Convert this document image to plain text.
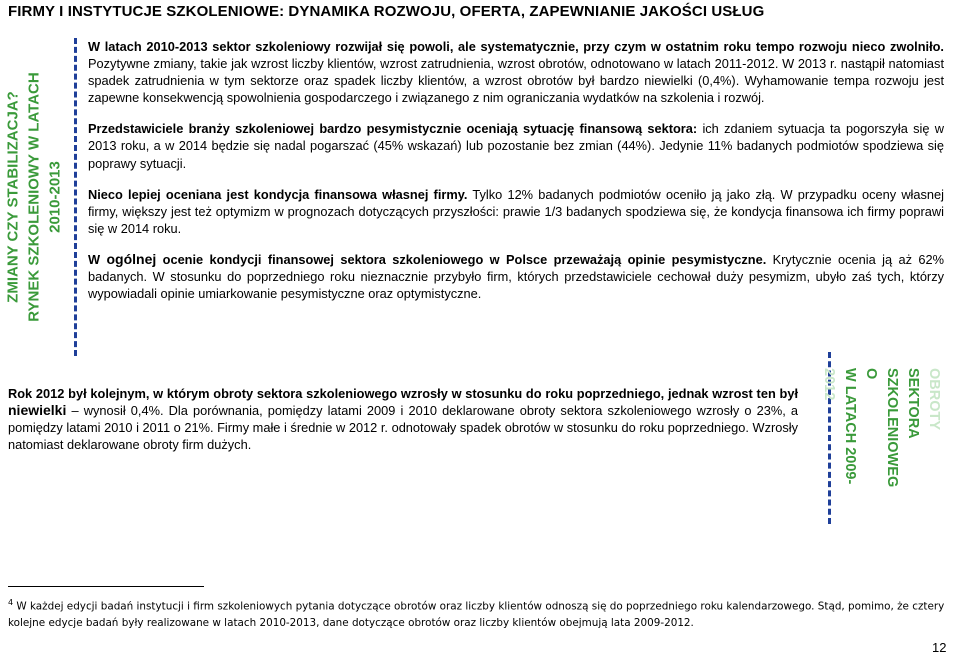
FIRMY I INSTYTUCJE SZKOLENIOWE: DYNAMIKA ROZWOJU, OFERTA, ZAPEWNIANIE JAKOŚCI USŁUG
ZMIANY CZY STABILIZACJA? RYNEK SZKOLENIOWY W LATACH 2010-2013

W latach 2010-2013 sektor szkoleniowy rozwijał się powoli, ale systematycznie, przy czym w ostatnim roku tempo rozwoju nieco zwolniło. Pozytywne zmiany, takie jak wzrost liczby klientów, wzrost zatrudnienia, wzrost obrotów, odnotowano w latach 2011-2012. W 2013 r. nastąpił natomiast spadek zatrudnienia w tym sektorze oraz spadek liczby klientów, a wzrost obrotów był bardzo niewielki (0,4%). Wyhamowanie tempa rozwoju jest zapewne konsekwencją spowolnienia gospodarczego i związanego z nim ograniczania wydatków na szkolenia i rozwój.

Przedstawiciele branży szkoleniowej bardzo pesymistycznie oceniają sytuację finansową sektora: ich zdaniem sytuacja ta pogorszyła się w 2013 roku, a w 2014 będzie się nadal pogarszać (45% wskazań) lub pozostanie bez zmian (44%). Jedynie 11% badanych podmiotów spodziewa się poprawy sytuacji.

Nieco lepiej oceniana jest kondycja finansowa własnej firmy. Tylko 12% badanych podmiotów ocenił​o ją jako złą. W przypadku oceny własnej firmy, większy jest też optymizm w prognozach dotyczących przyszłości: prawie 1/3 badanych spodziewa się, że kondycja finansowa ich firmy poprawi się w 2014 roku.

W ogólnej ocenie kondycji finansowej sektora szkoleniowego w Polsce przeważają opinie pesymistyczne. Krytycznie ocenia ją aż 62% badanych. W stosunku do poprzedniego roku nieznacznie przybyło firm, których przedstawiciele cechował duży pesymizm, ubyło zaś tych, którzy wypowiadali opinie umiarkowanie pesymistyczne oraz optymistyczne.

Rok 2012 był kolejnym, w którym obroty sektora szkoleniowego wzrosły w stosunku do roku poprzedniego, jednak wzrost ten był niewielki – wynosił 0,4%. Dla porównania, pomiędzy latami 2009 i 2010 deklarowane obroty sektora szkoleniowego wzrosły o 23%, a pomiędzy latami 2010 i 2011 o 21%. Firmy małe i średnie w 2012 r. odnotowały spadek obrotów w stosunku do roku poprzedniego. Wzrosły natomiast deklarowane obroty firm dużych.

OBROTY
SEKTORA
SZKOLENIOWEG
O
W LATACH 2009-
2012
$^4$ W każdej edycji badań instytucji i firm szkoleniowych pytania dotyczące obrotów oraz liczby klientów odnoszą się do poprzedniego roku kalendarzowego. Stąd, pomimo, że cztery kolejne edycje badań były realizowane w latach 2010-2013, dane dotyczące obrotów oraz liczby klientów obejmują lata 2009-2012.
12
